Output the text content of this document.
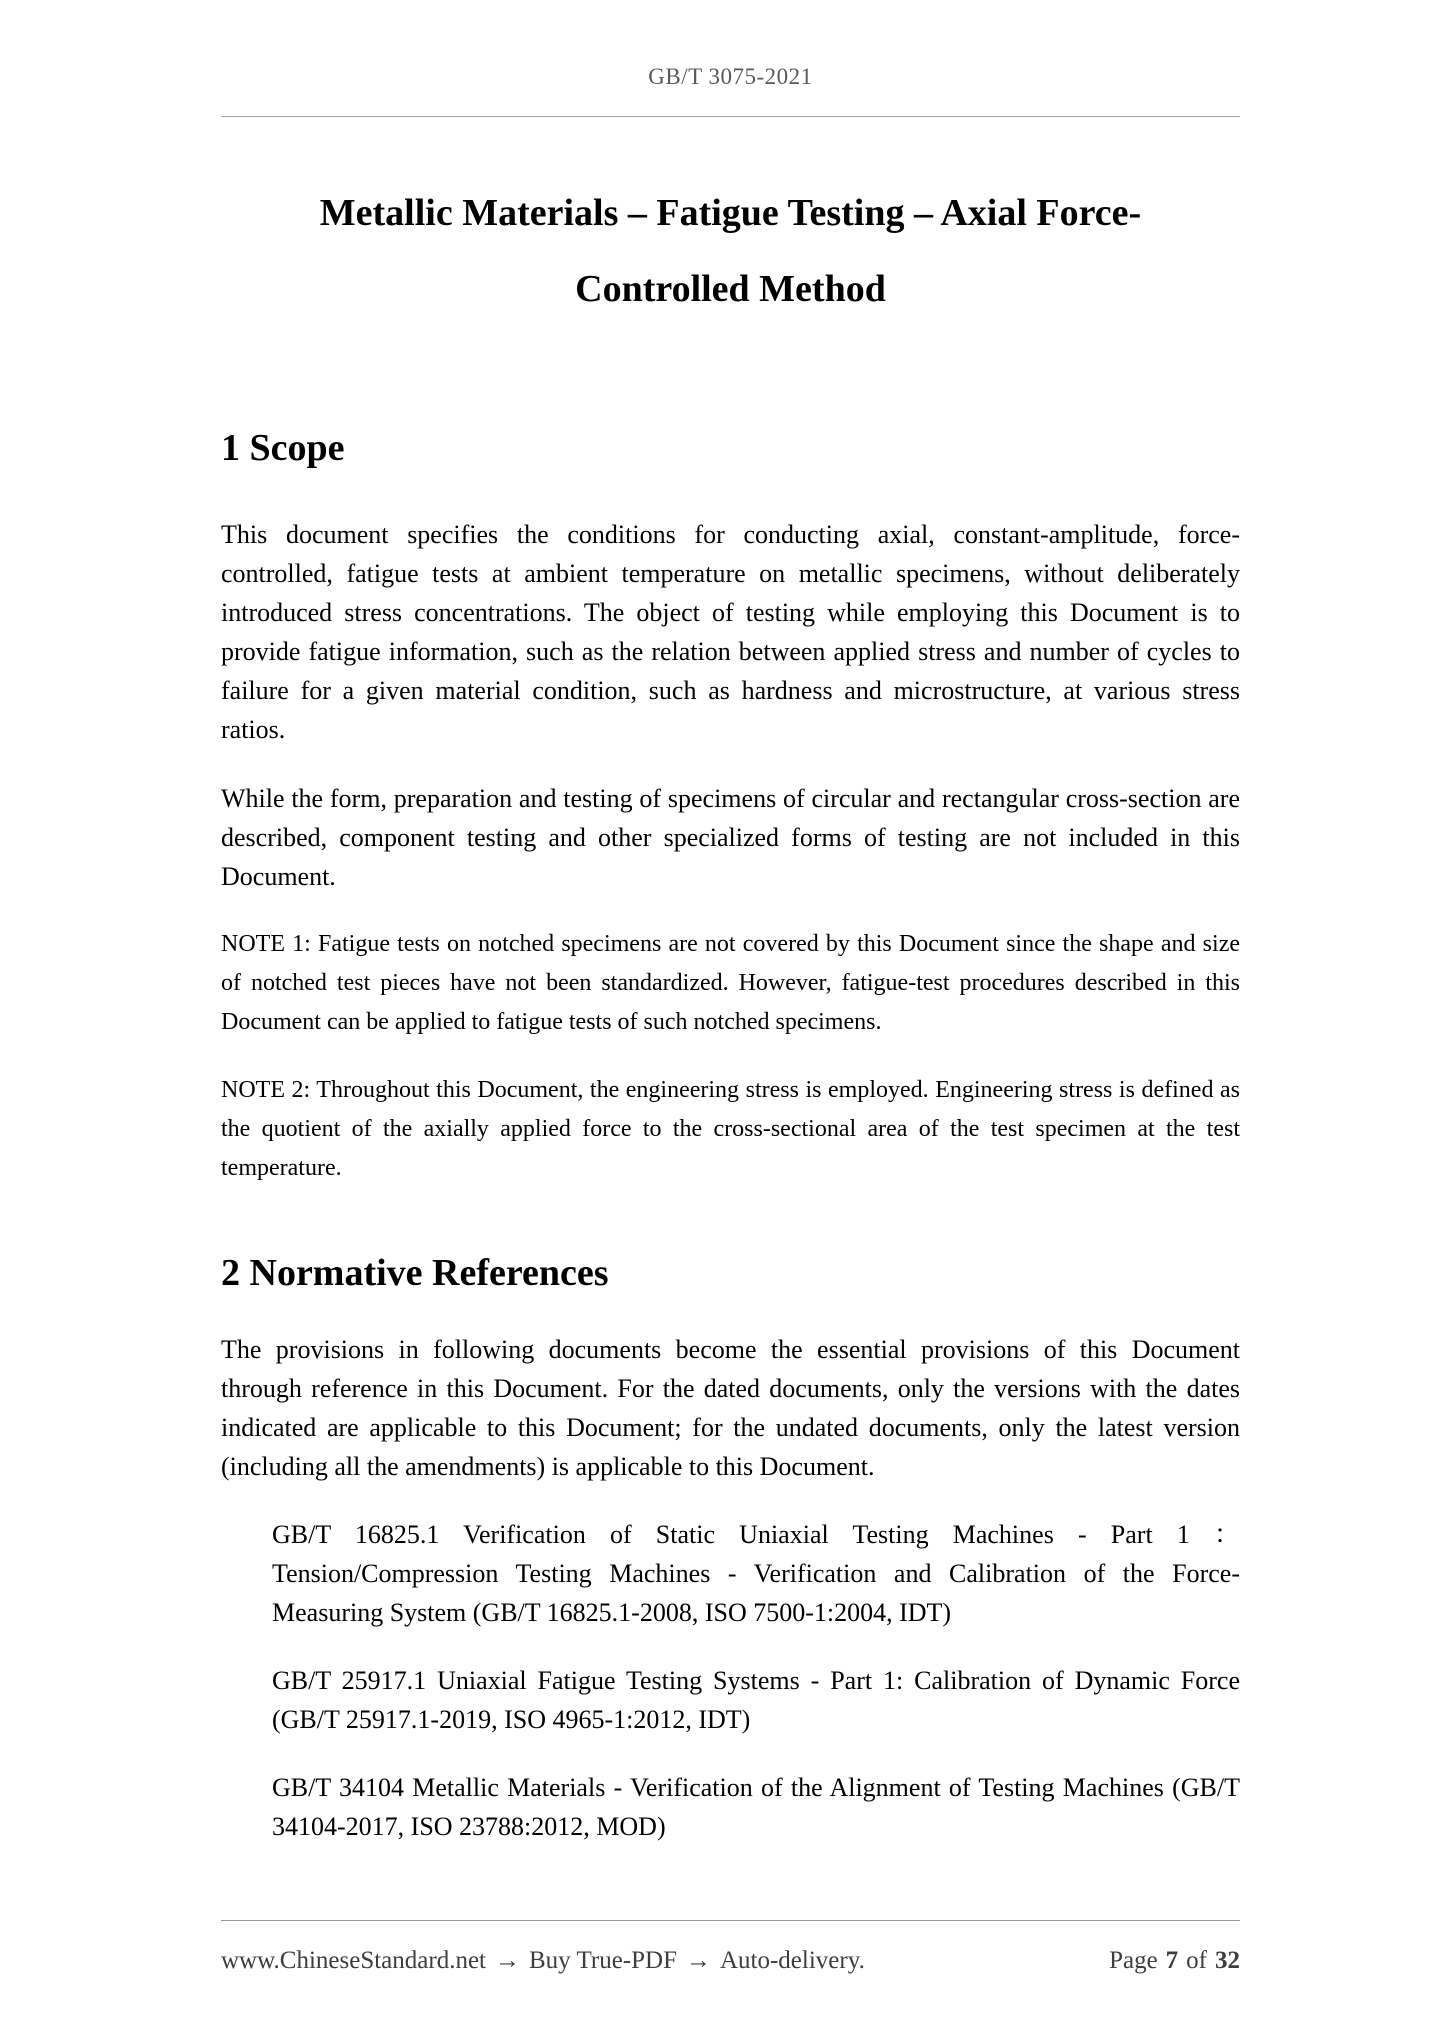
GB/T 3075-2021
Metallic Materials – Fatigue Testing – Axial Force-
Controlled Method
1 Scope

This document specifies the conditions for conducting axial, constant-amplitude, force-controlled, fatigue tests at ambient temperature on metallic specimens, without deliberately introduced stress concentrations. The object of testing while employing this Document is to provide fatigue information, such as the relation between applied stress and number of cycles to failure for a given material condition, such as hardness and microstructure, at various stress ratios.

While the form, preparation and testing of specimens of circular and rectangular cross-section are described, component testing and other specialized forms of testing are not included in this Document.

NOTE 1: Fatigue tests on notched specimens are not covered by this Document since the shape and size of notched test pieces have not been standardized. However, fatigue-test procedures described in this Document can be applied to fatigue tests of such notched specimens.

NOTE 2: Throughout this Document, the engineering stress is employed. Engineering stress is defined as the quotient of the axially applied force to the cross-sectional area of the test specimen at the test temperature.

2 Normative References

The provisions in following documents become the essential provisions of this Document through reference in this Document. For the dated documents, only the versions with the dates indicated are applicable to this Document; for the undated documents, only the latest version (including all the amendments) is applicable to this Document.

GB/T 16825.1 Verification of Static Uniaxial Testing Machines - Part 1 ：Tension/Compression Testing Machines - Verification and Calibration of the Force-Measuring System (GB/T 16825.1-2008, ISO 7500-1:2004, IDT)

GB/T 25917.1 Uniaxial Fatigue Testing Systems - Part 1: Calibration of Dynamic Force (GB/T 25917.1-2019, ISO 4965-1:2012, IDT)

GB/T 34104 Metallic Materials - Verification of the Alignment of Testing Machines (GB/T 34104-2017, ISO 23788:2012, MOD)

www.ChineseStandard.net → Buy True-PDF → Auto-delivery.	Page 7 of 32
